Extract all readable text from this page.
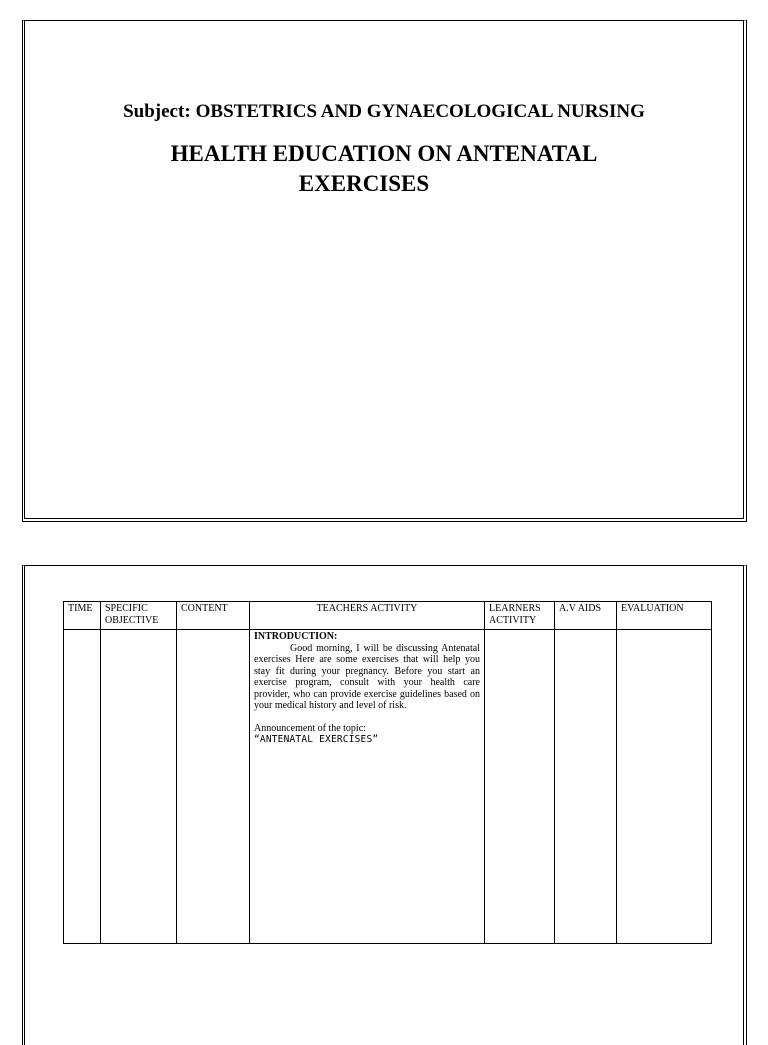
Subject: OBSTETRICS AND GYNAECOLOGICAL NURSING
HEALTH EDUCATION ON ANTENATAL
EXERCISES
TIME	SPECIFIC OBJECTIVE	CONTENT	TEACHERS ACTIVITY	LEARNERS ACTIVITY	A.V AIDS	EVALUATION

			INTRODUCTION:
Good morning, I will be discussing Antenatal exercises Here are some exercises that will help you stay fit during your pregnancy. Before you start an exercise program, consult with your health care provider, who can provide exercise guidelines based on your medical history and level of risk.
Announcement of the topic:
“ANTENATAL EXERCISES”			
